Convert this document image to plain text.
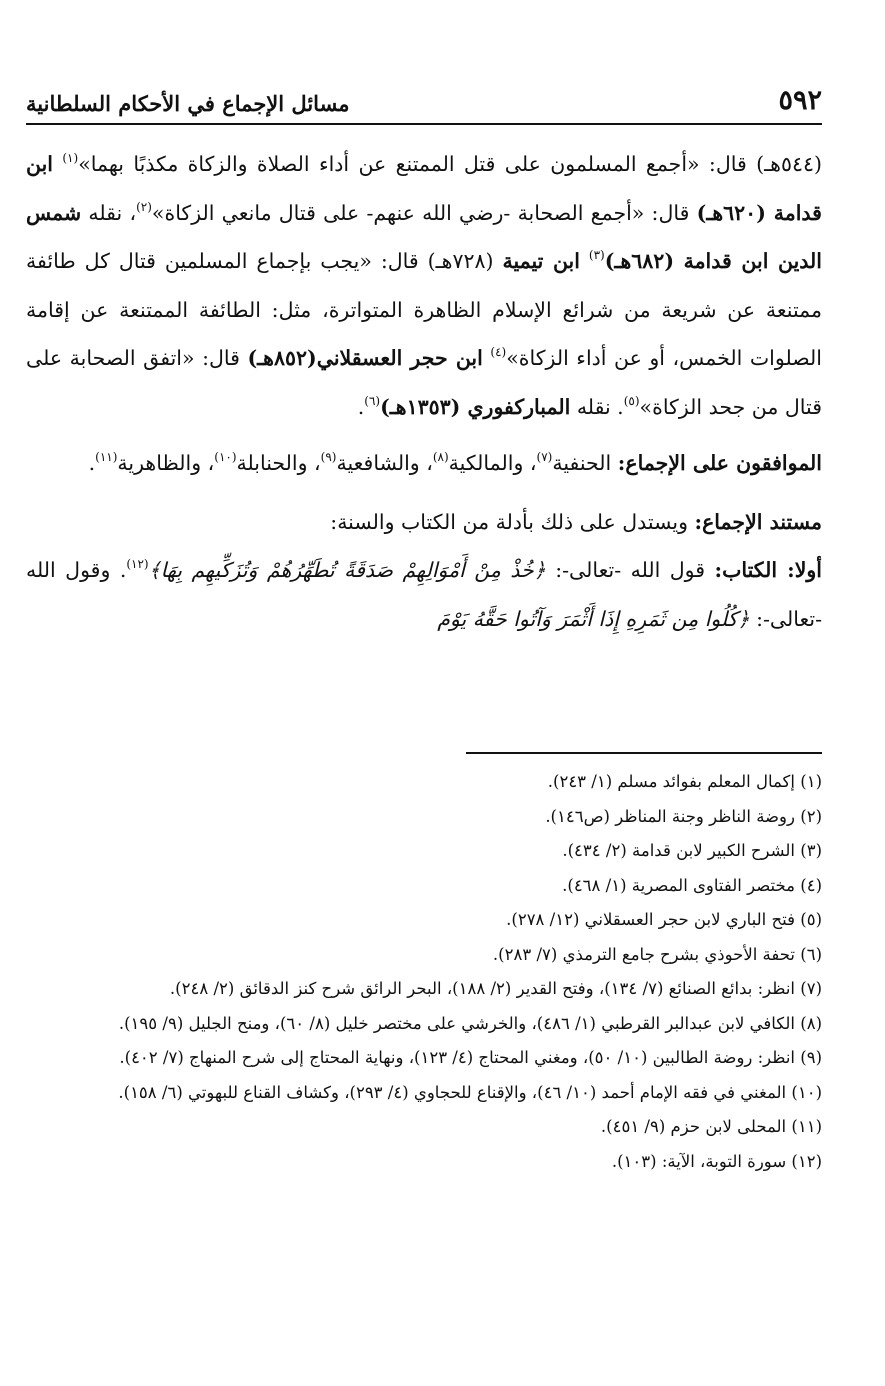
مسائل الإجماع في الأحكام السلطانية	٥٩٢

(٥٤٤هـ) قال: «أجمع المسلمون على قتل الممتنع عن أداء الصلاة والزكاة مكذبًا بهما»$^{(١)}$ ابن قدامة (٦٢٠هـ) قال: «أجمع الصحابة -رضي الله عنهم- على قتال مانعي الزكاة»$^{(٢)}$، نقله شمس الدين ابن قدامة (٦٨٢هـ)$^{(٣)}$ ابن تيمية (٧٢٨هـ) قال: «يجب بإجماع المسلمين قتال كل طائفة ممتنعة عن شريعة من شرائع الإسلام الظاهرة المتواترة، مثل: الطائفة الممتنعة عن إقامة الصلوات الخمس، أو عن أداء الزكاة»$^{(٤)}$ ابن حجر العسقلاني(٨٥٢هـ) قال: «اتفق الصحابة على قتال من جحد الزكاة»$^{(٥)}$. نقله المباركفوري (١٣٥٣هـ)$^{(٦)}$.

الموافقون على الإجماع: الحنفية$^{(٧)}$، والمالكية$^{(٨)}$، والشافعية$^{(٩)}$، والحنابلة$^{(١٠)}$، والظاهرية$^{(١١)}$.

مستند الإجماع: ويستدل على ذلك بأدلة من الكتاب والسنة:

أولا: الكتاب: قول الله -تعالى-: ﴿خُذْ مِنْ أَمْوَالِهِمْ صَدَقَةً تُطَهِّرُهُمْ وَتُزَكِّيهِم بِهَا﴾$^{(١٢)}$. وقول الله -تعالى-: ﴿كُلُوا مِن ثَمَرِهِ إِذَا أَثْمَرَ وَآتُوا حَقَّهُ يَوْمَ

(١) إكمال المعلم بفوائد مسلم (١/ ٢٤٣).

(٢) روضة الناظر وجنة المناظر (ص١٤٦).

(٣) الشرح الكبير لابن قدامة (٢/ ٤٣٤).

(٤) مختصر الفتاوى المصرية (١/ ٤٦٨).

(٥) فتح الباري لابن حجر العسقلاني (١٢/ ٢٧٨).

(٦) تحفة الأحوذي بشرح جامع الترمذي (٧/ ٢٨٣).

(٧) انظر: بدائع الصنائع (٧/ ١٣٤)، وفتح القدير (٢/ ١٨٨)، البحر الرائق شرح كنز الدقائق (٢/ ٢٤٨).

(٨) الكافي لابن عبدالبر القرطبي (١/ ٤٨٦)، والخرشي على مختصر خليل (٨/ ٦٠)، ومنح الجليل (٩/ ١٩٥).

(٩) انظر: روضة الطالبين (١٠/ ٥٠)، ومغني المحتاج (٤/ ١٢٣)، ونهاية المحتاج إلى شرح المنهاج (٧/ ٤٠٢).

(١٠) المغني في فقه الإمام أحمد (١٠/ ٤٦)، والإقناع للحجاوي (٤/ ٢٩٣)، وكشاف القناع للبهوتي (٦/ ١٥٨).

(١١) المحلى لابن حزم (٩/ ٤٥١).

(١٢) سورة التوبة، الآية: (١٠٣).
